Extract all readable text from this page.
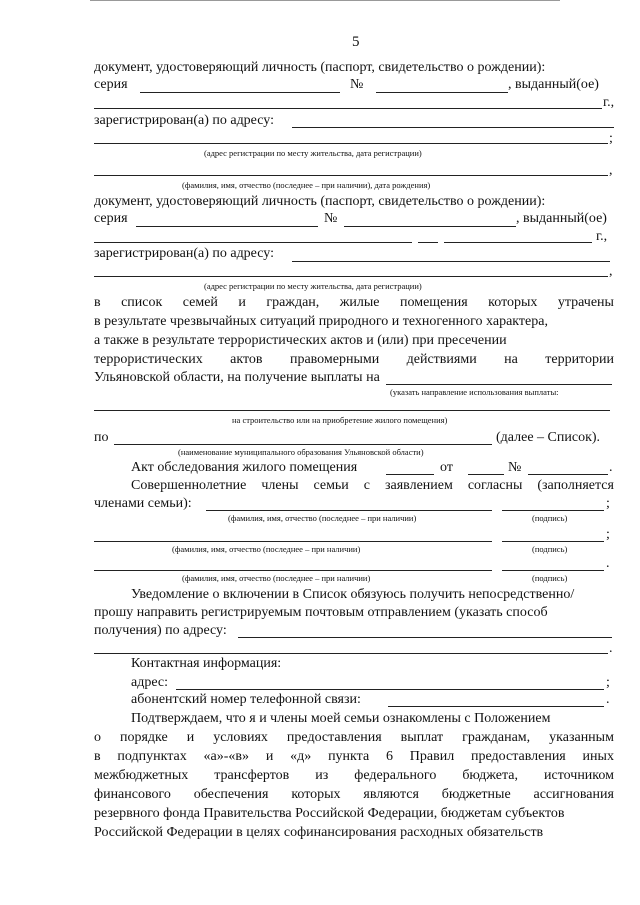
5
документ, удостоверяющий личность (паспорт, свидетельство о рождении):
серия	№	, выданный(ое)
г.,
зарегистрирован(а) по адресу:
;
(адрес регистрации по месту жительства, дата регистрации)
,
(фамилия, имя, отчество (последнее – при наличии), дата рождения)
документ, удостоверяющий личность (паспорт, свидетельство о рождении):
серия	№	, выданный(ое)
г.,
зарегистрирован(а) по адресу:
,
(адрес регистрации по месту жительства, дата регистрации)
в список семей и граждан, жилые помещения которых утрачены
в результате чрезвычайных ситуаций природного и техногенного характера,
а также в результате террористических актов и (или) при пресечении
террористических актов правомерными действиями на территории
Ульяновской области, на получение выплаты на
(указать направление использования выплаты:
на строительство или на приобретение жилого помещения)
по	(далее – Список).
(наименование муниципального образования Ульяновской области)
Акт обследования жилого помещения	от	№	.
Совершеннолетние члены семьи с заявлением согласны (заполняется
членами семьи):	;
(фамилия, имя, отчество (последнее – при наличии)	(подпись)
;
(фамилия, имя, отчество (последнее – при наличии)	(подпись)
.
(фамилия, имя, отчество (последнее – при наличии)	(подпись)
Уведомление о включении в Список обязуюсь получить непосредственно/
прошу направить регистрируемым почтовым отправлением (указать способ
получения) по адресу:
.
Контактная информация:
адрес:	;
абонентский номер телефонной связи:	.
Подтверждаем, что я и члены моей семьи ознакомлены с Положением
о порядке и условиях предоставления выплат гражданам, указанным
в подпунктах «а»-«в» и «д» пункта 6 Правил предоставления иных
межбюджетных трансфертов из федерального бюджета, источником
финансового обеспечения которых являются бюджетные ассигнования
резервного фонда Правительства Российской Федерации, бюджетам субъектов
Российской Федерации в целях софинансирования расходных обязательств
